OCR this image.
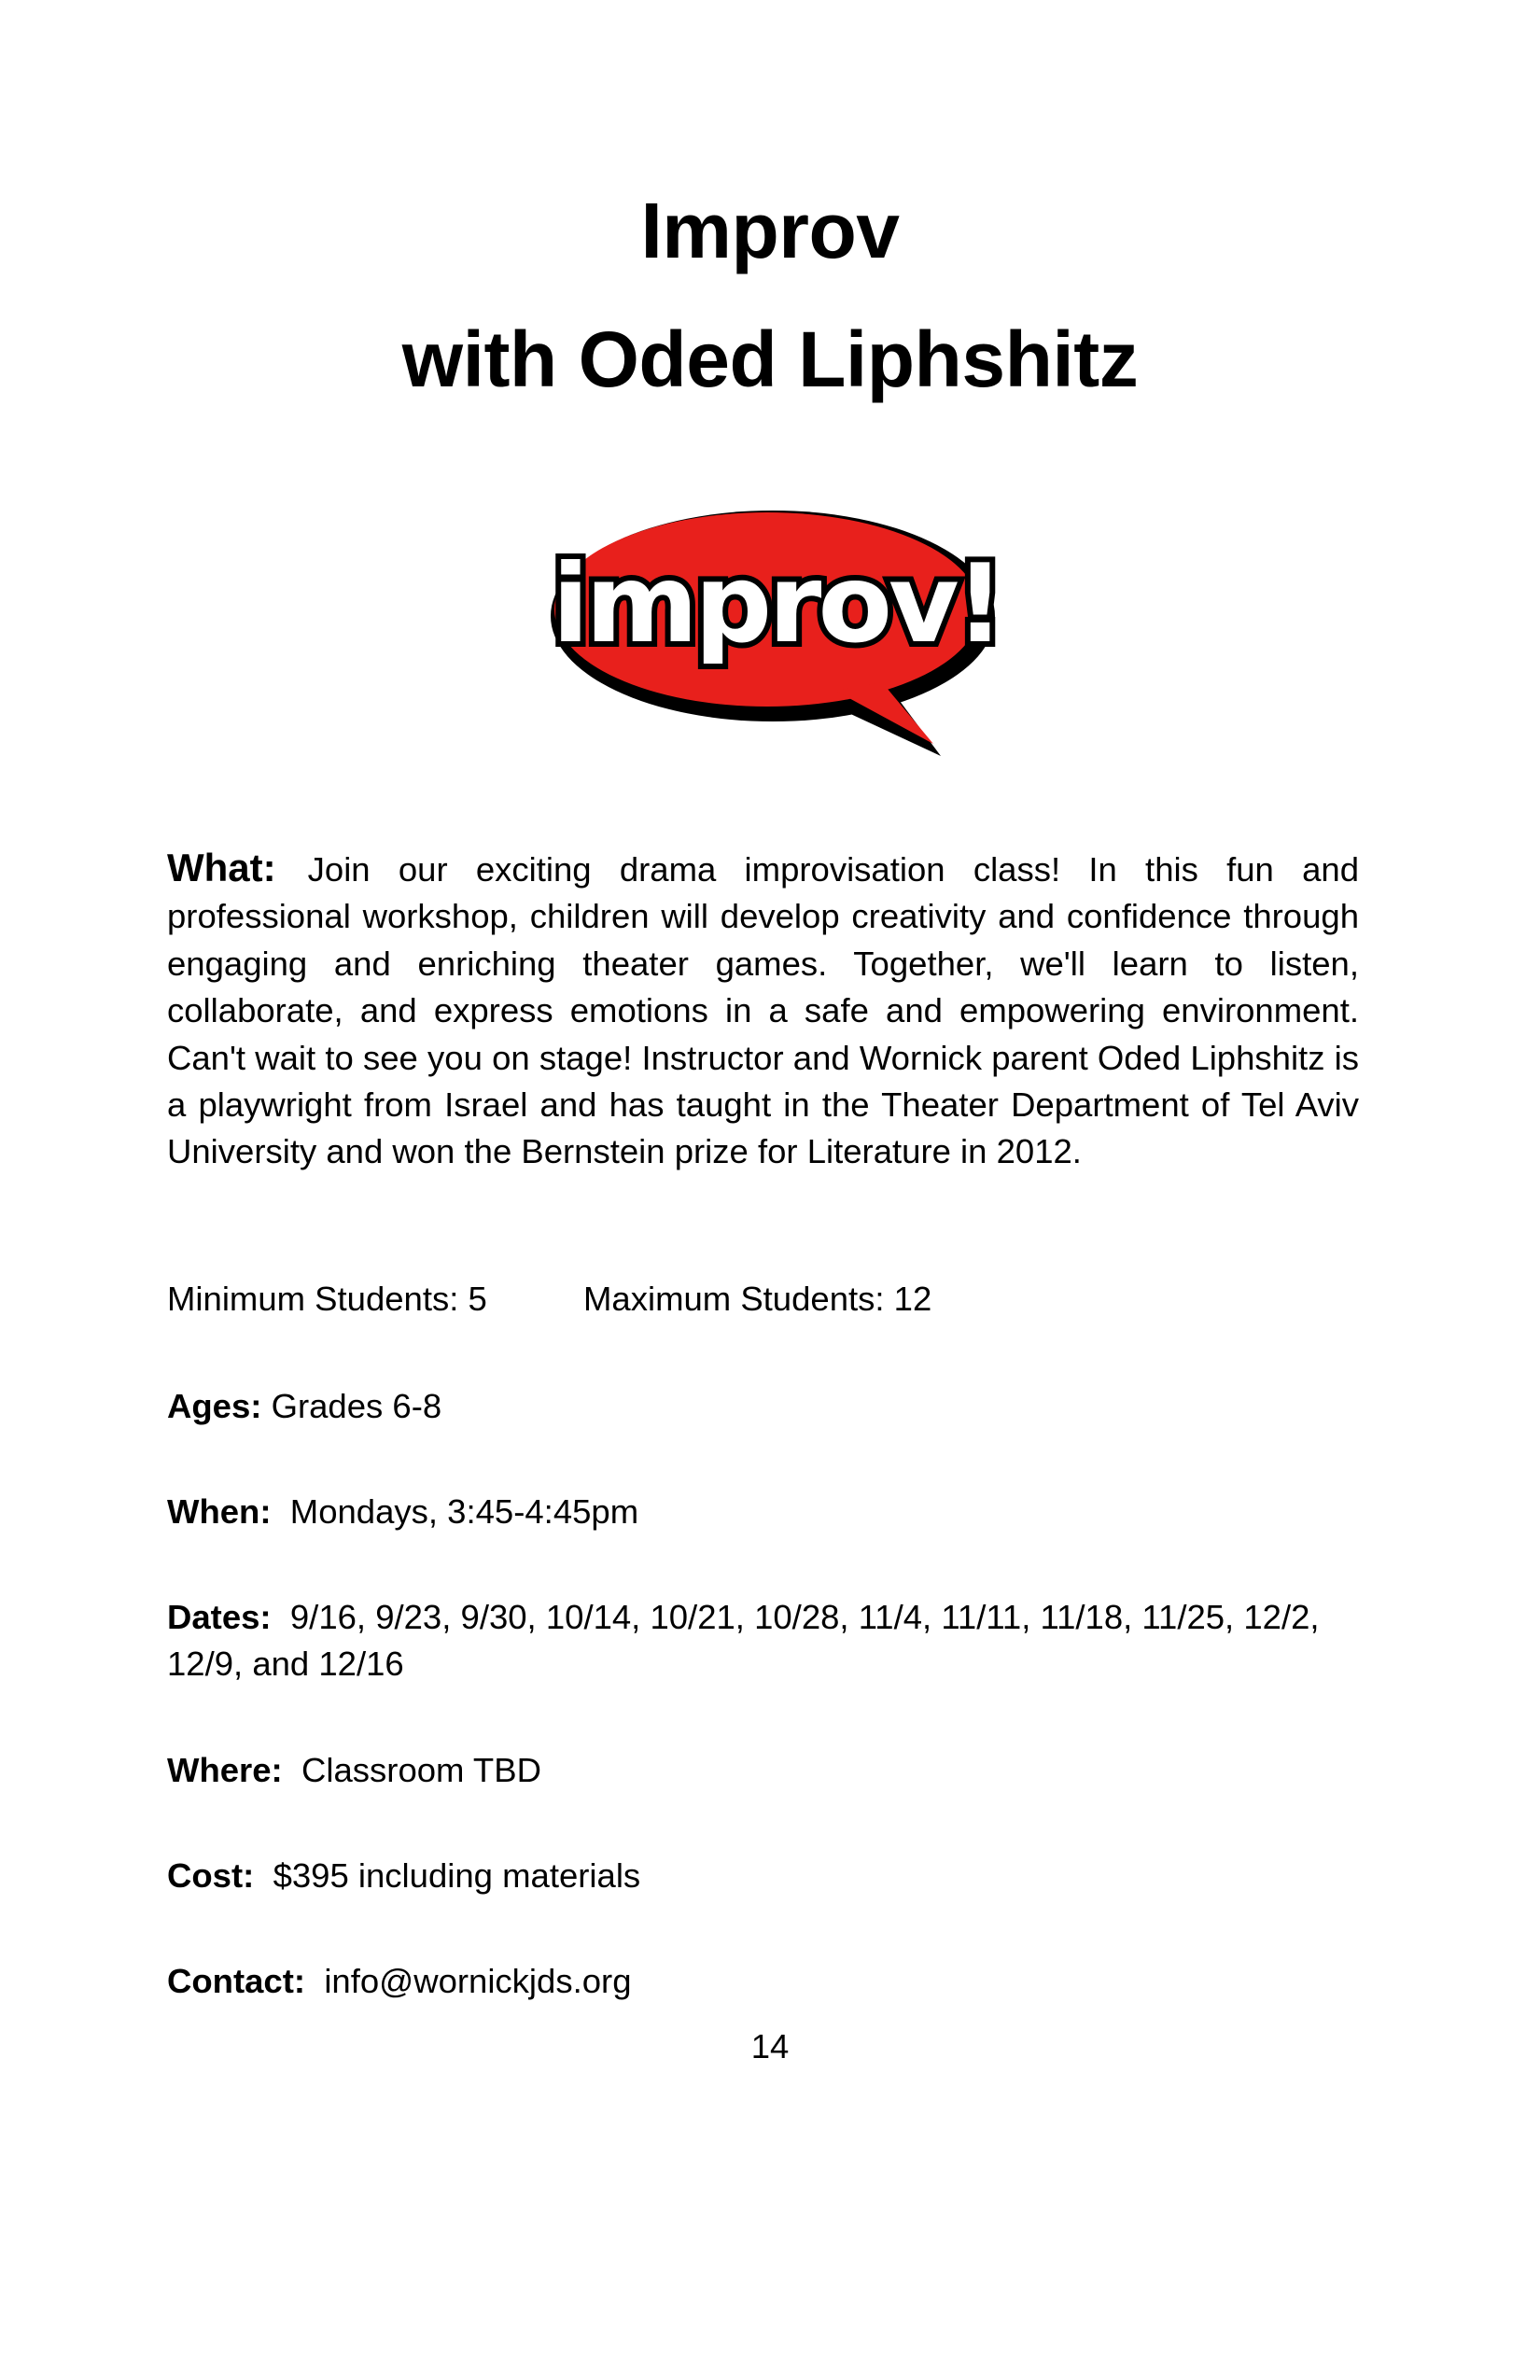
Improv
with Oded Liphshitz
improv!
What: Join our exciting drama improvisation class! In this fun and professional workshop, children will develop creativity and confidence through engaging and enriching theater games. Together, we'll learn to listen, collaborate, and express emotions in a safe and empowering environment. Can't wait to see you on stage! Instructor and Wornick parent Oded Liphshitz is a playwright from Israel and has taught in the Theater Department of Tel Aviv University and won the Bernstein prize for Literature in 2012.
Minimum Students: 5	Maximum Students: 12
Ages: Grades 6-8
When: Mondays, 3:45-4:45pm
Dates: 9/16, 9/23, 9/30, 10/14, 10/21, 10/28, 11/4, 11/11, 11/18, 11/25, 12/2, 12/9, and 12/16
Where: Classroom TBD
Cost: $395 including materials
Contact: info@wornickjds.org
14
